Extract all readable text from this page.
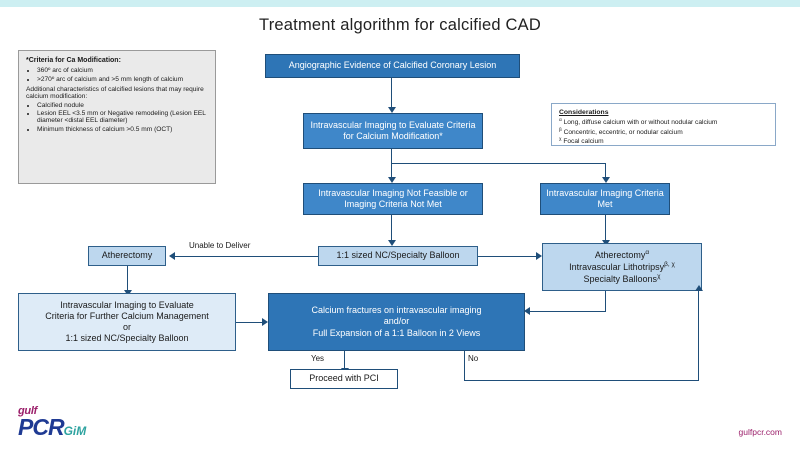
Treatment algorithm for calcified CAD
*Criteria for Ca Modification:
• 360º arc of calcium
• >270º arc of calcium and >5 mm length of calcium

Additional characteristics of calcified lesions that may require calcium modification:

• Calcified nodule
• Lesion EEL <3.5 mm or Negative remodeling (Lesion EEL diameter <distal EEL diameter)
• Minimum thickness of calcium >0.5 mm (OCT)
Considerations
$^\alpha$ Long, diffuse calcium with or without nodular calcium
$^\beta$ Concentric, eccentric, or nodular calcium
$^\chi$ Focal calcium
Angiographic Evidence of Calcified Coronary Lesion
Intravascular Imaging to Evaluate Criteria for Calcium Modification*
Intravascular Imaging Not Feasible or Imaging Criteria Not Met
Intravascular Imaging Criteria Met
1:1 sized NC/Specialty Balloon
Atherectomy
Unable to Deliver
Atherectomy$^\alpha$
Intravascular Lithotripsy$^{\beta, \chi}$
Specialty Balloons$^\chi$
Intravascular Imaging to Evaluate
Criteria for Further Calcium Management
or
1:1 sized NC/Specialty Balloon
Calcium fractures on intravascular imaging
and/or
Full Expansion of a 1:1 Balloon in 2 Views
Yes
Proceed with PCI
No
gulf
PCRGiM	gulfpcr.com
